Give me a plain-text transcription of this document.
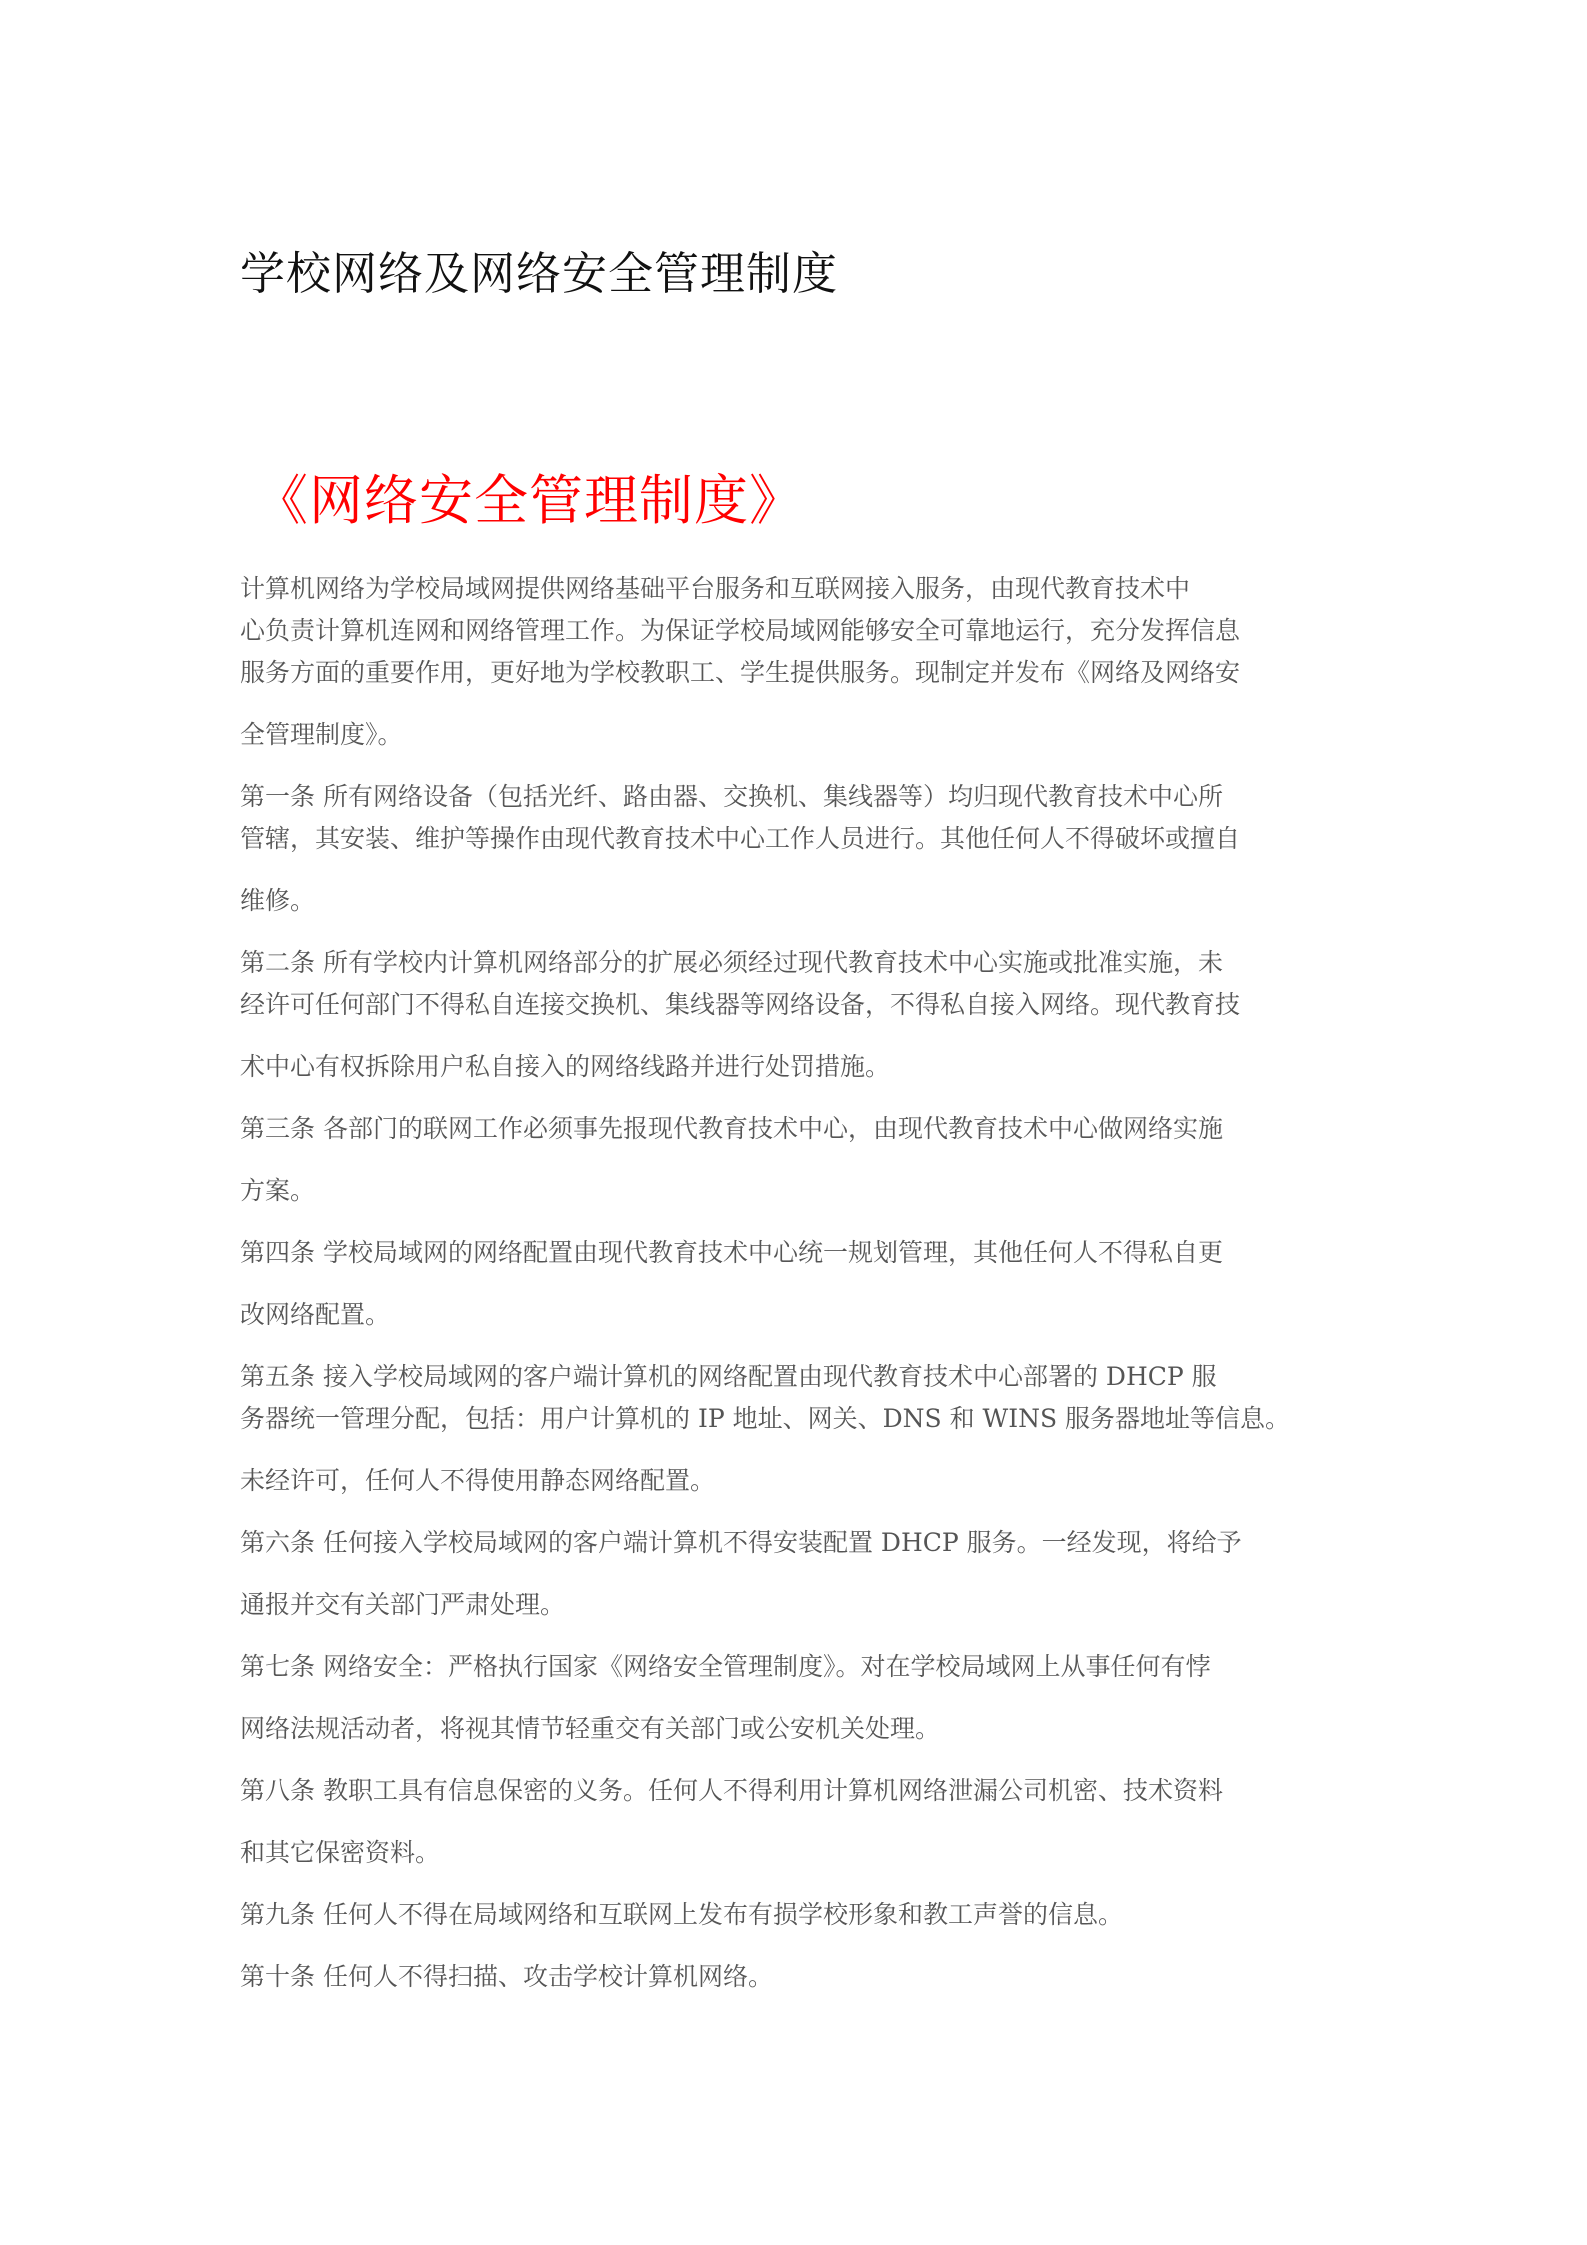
学校网络及网络安全管理制度
《网络安全管理制度》
计算机网络为学校局域网提供网络基础平台服务和互联网接入服务，由现代教育技术中
心负责计算机连网和网络管理工作。为保证学校局域网能够安全可靠地运行，充分发挥信息
服务方面的重要作用，更好地为学校教职工、学生提供服务。现制定并发布《网络及网络安
全管理制度》。
第一条 所有网络设备（包括光纤、路由器、交换机、集线器等）均归现代教育技术中心所
管辖，其安装、维护等操作由现代教育技术中心工作人员进行。其他任何人不得破坏或擅自
维修。
第二条 所有学校内计算机网络部分的扩展必须经过现代教育技术中心实施或批准实施，未
经许可任何部门不得私自连接交换机、集线器等网络设备，不得私自接入网络。现代教育技
术中心有权拆除用户私自接入的网络线路并进行处罚措施。
第三条 各部门的联网工作必须事先报现代教育技术中心，由现代教育技术中心做网络实施
方案。
第四条 学校局域网的网络配置由现代教育技术中心统一规划管理，其他任何人不得私自更
改网络配置。
第五条 接入学校局域网的客户端计算机的网络配置由现代教育技术中心部署的 DHCP 服
务器统一管理分配，包括：用户计算机的 IP 地址、网关、DNS 和 WINS 服务器地址等信息。
未经许可，任何人不得使用静态网络配置。
第六条 任何接入学校局域网的客户端计算机不得安装配置 DHCP 服务。一经发现，将给予
通报并交有关部门严肃处理。
第七条 网络安全：严格执行国家《网络安全管理制度》。对在学校局域网上从事任何有悖
网络法规活动者，将视其情节轻重交有关部门或公安机关处理。
第八条 教职工具有信息保密的义务。任何人不得利用计算机网络泄漏公司机密、技术资料
和其它保密资料。
第九条 任何人不得在局域网络和互联网上发布有损学校形象和教工声誉的信息。
第十条 任何人不得扫描、攻击学校计算机网络。
